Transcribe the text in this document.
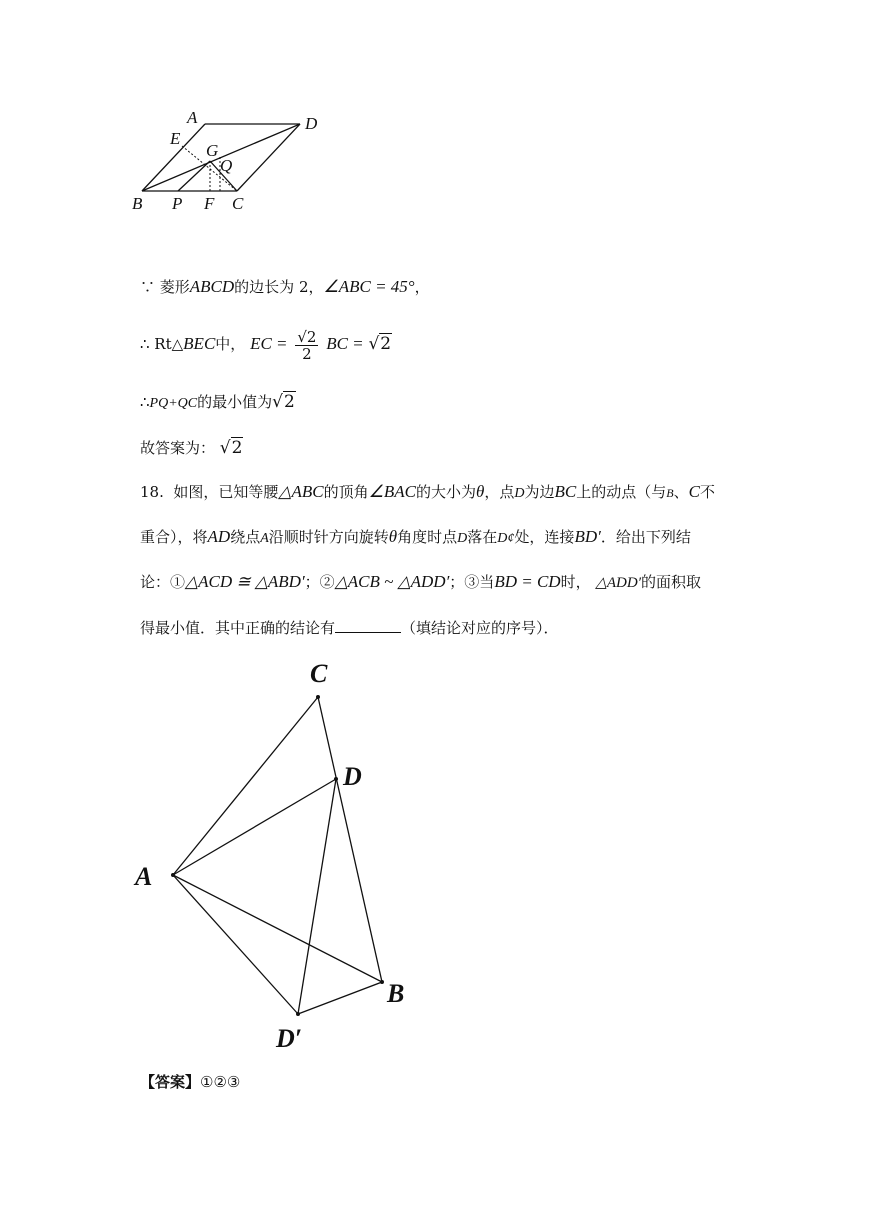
A	D
E
G
Q
B P F C
∵ 菱形ABCD的边长为 2，∠ABC = 45°，
∴ Rt△BEC中， EC = $\frac{√2}{2}$ BC = √2
∴PQ+QC的最小值为√2
故答案为： √2
18. 如图，已知等腰△ABC的顶角∠BAC的大小为θ，点D为边BC上的动点（与B、C不
重合），将AD绕点A沿顺时针方向旋转θ角度时点D落在D¢处，连接BD′．给出下列结
论：①△ACD ≅ △ABD′；②△ACB ~ △ADD′；③当BD = CD时， △ADD′的面积取
得最小值．其中正确的结论有	（填结论对应的序号）．
C
D
A
B
D′
【答案】①②③
